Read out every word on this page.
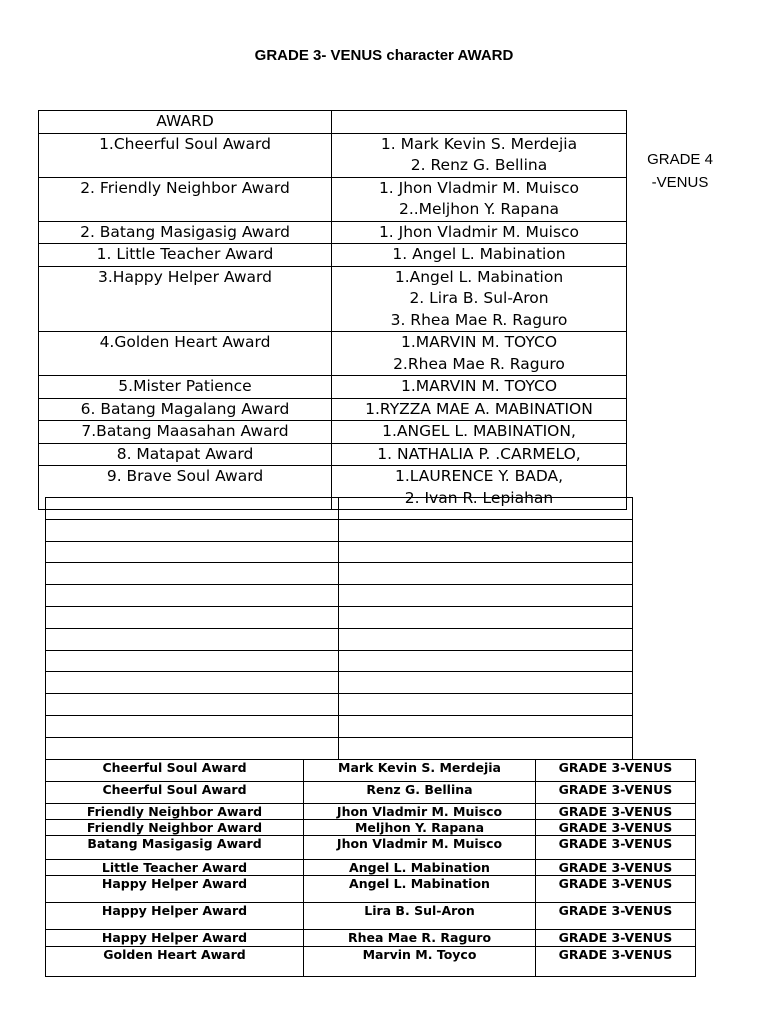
GRADE 3- VENUS character AWARD
GRADE 4
-VENUS
AWARD	
1.Cheerful Soul Award	1. Mark Kevin S. Merdejia
2. Renz G. Bellina
2. Friendly Neighbor Award	1. Jhon Vladmir M. Muisco
2..Meljhon Y. Rapana
2. Batang Masigasig Award	1. Jhon Vladmir M. Muisco
1. Little Teacher Award	1. Angel L. Mabination
3.Happy Helper Award	1.Angel L. Mabination
2. Lira B. Sul-Aron
3. Rhea Mae R. Raguro
4.Golden Heart Award	1.MARVIN M. TOYCO
2.Rhea Mae R. Raguro
5.Mister Patience	1.MARVIN M. TOYCO
6. Batang Magalang Award	1.RYZZA MAE A. MABINATION
7.Batang Maasahan Award	1.ANGEL L. MABINATION,
8. Matapat Award	1. NATHALIA P. .CARMELO,
9. Brave Soul Award	1.LAURENCE Y. BADA,
2. Ivan R. Lepiahan

Cheerful Soul Award	Mark Kevin S. Merdejia	GRADE 3-VENUS
Cheerful Soul Award	Renz G. Bellina	GRADE 3-VENUS
Friendly Neighbor Award	Jhon Vladmir M. Muisco	GRADE 3-VENUS
Friendly Neighbor Award	Meljhon Y. Rapana	GRADE 3-VENUS
Batang Masigasig Award	Jhon Vladmir M. Muisco	GRADE 3-VENUS
Little Teacher Award	Angel L. Mabination	GRADE 3-VENUS
Happy Helper Award	Angel L. Mabination	GRADE 3-VENUS
Happy Helper Award	Lira B. Sul-Aron	GRADE 3-VENUS
Happy Helper Award	Rhea Mae R. Raguro	GRADE 3-VENUS
Golden Heart Award	Marvin M. Toyco	GRADE 3-VENUS
